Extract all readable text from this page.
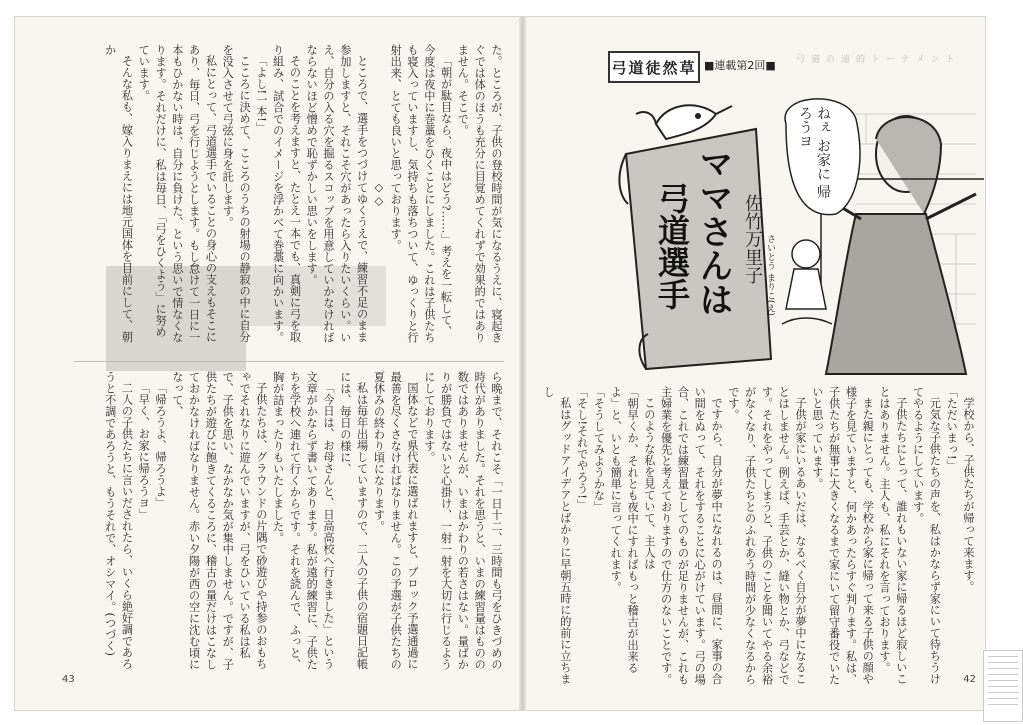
た。ところが、子供の登校時間が気になるうえに、寝起きぐでは体のほうも充分に目覚めてくれずで効果的ではありません。そこで。

「朝が駄目なら、夜中はどう?……」考えを一転して、今度は夜中に巻藁をひくことにしました。これは子供たちも寝入っていますし、気持ちも落ちついて、ゆっくりと行射出来、とても良いと思っております。

◇◇

ところで、選手をつづけてゆくうえで、練習不足のまま参加しますと、それこそ穴があったら入りたいくらい。いえ、自分の入る穴を掘るスコップを用意していかなければならないほど憎めで恥ずかしい思いをします。

そのことを考えますと、たとえ一本でも、真剣に弓を取り組み、試合でのイメージを浮かべて巻藁に向かいます。

「よし!一本!」

こころに決めて、こころのうちの射場の静寂の中に自分を没入させて弓弦に身を託します。

私にとって、弓道選手でいることの身心の支えもそこにあり、毎日、弓を行じようとします。もし怠けて一日に一本もひかない時は、自分に負けた、という思いで情なくなります。それだけに、私は毎日、「弓をひくよう」に努めています。

そんな私も、嫁入りまえには地元国体を目前にして、朝か

ら晩まで、それこそ「一日十二、三時間も弓をひきづめの時代がありました。それを思うと、いまの練習量はものの数ではありませんが、いまはかわりの若さはない。量ばかりが勝負ではないと心掛け、一射一射を大切に行じるようにしております。

国体などで県代表に選ばれますと、ブロック予選通過に最善を尽くさなければなりません。この予選が子供たちの夏休みの終わり頃になります。

私は毎年出場していますので、二人の子供の宿題日記帳には、毎日の様に、

「今日は、お母さんと、日高高校へ行きました」という文章がかならず書いてあります。私が遠的練習に、子供たちを学校へ連れて行くからです。それを読んで、ふっと、胸が詰まったりもいたしました。

子供たちは、グラウンドの片隅で砂遊びや持参のおもちゃでそれなりに遊んでいますが、弓をひいている私は私で、子供を思い、なかなか気が集中しません。ですが、子供たちが遊びに飽きてくるころに、稽古の量だけはこなしておかなければなりません。赤い夕陽が西の空に沈む頃になって、

「帰ろうよ、帰ろうよ」

「早く、お家に帰ろうヨ」

二人の子供たちに言いだされたら、いくら絶好調であろうと不調であろうと、もうそれで、オシマイ。(つづく)

43
弓道の遠的トーナメント
弓道徒然草 ■連載第2回■
ママさんは
弓道選手	佐竹万里子 さいとう まりこ(え)
ねぇ お家に 帰ろうヨ

学校から、子供たちが帰って来ます。

「ただいまっ!」

元気な子供たちの声を、私はかならず家にいて待ちうけてやるようにしています。

子供たちにとって、誰れもいない家に帰るほど寂しいことはありません。主人も、私にそれを言っております。

また親にとっても、学校から家に帰って来る子供の顔や様子を見ていますと、何かあったらすぐ判ります。私は、子供たちが無事に大きくなるまで家にいて留守番役でいたいと思っています。

子供が家にいるあいだは、なるべく自分が夢中になることはしません。例えば、手芸とか、縫い物とか、弓などです。それをやってしまうと、子供のことを聞いてやる余裕がなくなり、子供たちとのふれあう時間が少なくなるからです。

ですから、自分が夢中になれるのは、昼間に、家事の合い間をぬって、それをすることに心がけています。弓の場合、これでは練習量としてのものが足りませんが、これも主婦業を優先と考えておりますので仕方のないことです。

このような私を見ていて、主人は

「朝早くか、それとも夜中にすればもっと稽古が出来るよ」と、いとも簡単に言ってくれます。

「そうしてみようかな」

「そし!それでやろう!」

私はグッドアイデアとばかりに早朝五時に的前に立ちまし

42
